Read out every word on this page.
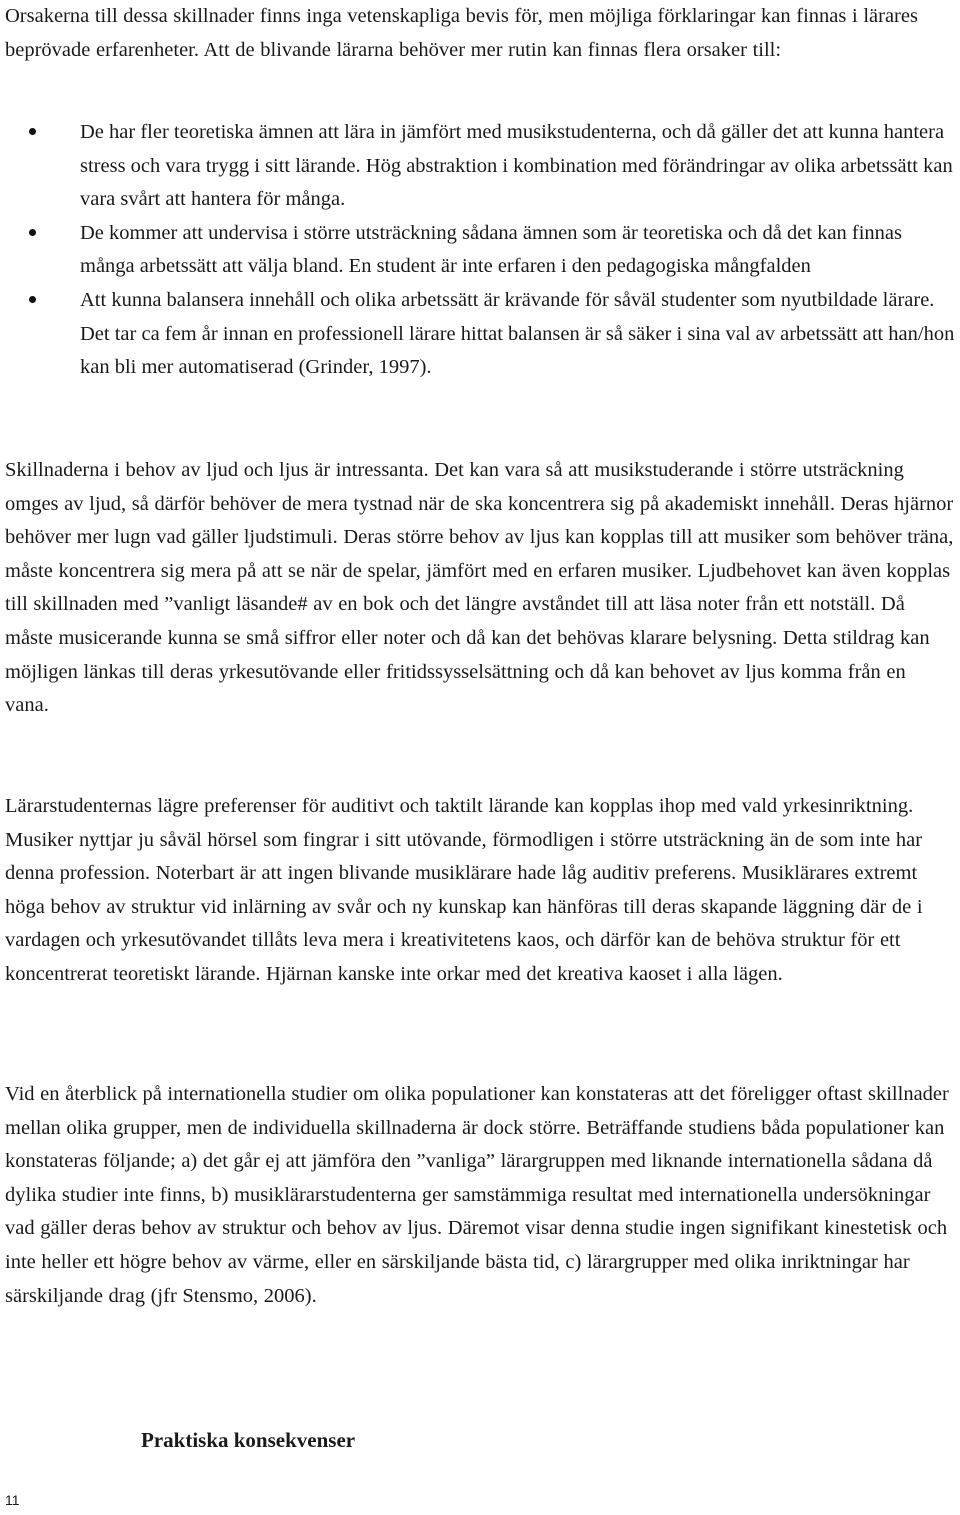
Orsakerna till dessa skillnader finns inga vetenskapliga bevis för, men möjliga förklaringar kan finnas i lärares beprövade erfarenheter. Att de blivande lärarna behöver mer rutin kan finnas flera orsaker till:

De har fler teoretiska ämnen att lära in jämfört med musikstudenterna, och då gäller det att kunna hantera stress och vara trygg i sitt lärande. Hög abstraktion i kombination med förändringar av olika arbetssätt kan vara svårt att hantera för många.
De kommer att undervisa i större utsträckning sådana ämnen som är teoretiska och då det kan finnas många arbetssätt att välja bland. En student är inte erfaren i den pedagogiska mångfalden
Att kunna balansera innehåll och olika arbetssätt är krävande för såväl studenter som nyutbildade lärare. Det tar ca fem år innan en professionell lärare hittat balansen är så säker i sina val av arbetssätt att han/hon kan bli mer automatiserad (Grinder, 1997).

Skillnaderna i behov av ljud och ljus är intressanta. Det kan vara så att musikstuderande i större utsträckning omges av ljud, så därför behöver de mera tystnad när de ska koncentrera sig på akademiskt innehåll. Deras hjärnor behöver mer lugn vad gäller ljudstimuli. Deras större behov av ljus kan kopplas till att musiker som behöver träna, måste koncentrera sig mera på att se när de spelar, jämfört med en erfaren musiker. Ljudbehovet kan även kopplas till skillnaden med ”vanligt läsande# av en bok och det längre avståndet till att läsa noter från ett notställ. Då måste musicerande kunna se små siffror eller noter och då kan det behövas klarare belysning. Detta stildrag kan möjligen länkas till deras yrkesutövande eller fritidssysselsättning och då kan behovet av ljus komma från en vana.

Lärarstudenternas lägre preferenser för auditivt och taktilt lärande kan kopplas ihop med vald yrkesinriktning. Musiker nyttjar ju såväl hörsel som fingrar i sitt utövande, förmodligen i större utsträckning än de som inte har denna profession. Noterbart är att ingen blivande musiklärare hade låg auditiv preferens. Musiklärares extremt höga behov av struktur vid inlärning av svår och ny kunskap kan hänföras till deras skapande läggning där de i vardagen och yrkesutövandet tillåts leva mera i kreativitetens kaos, och därför kan de behöva struktur för ett koncentrerat teoretiskt lärande. Hjärnan kanske inte orkar med det kreativa kaoset i alla lägen.

Vid en återblick på internationella studier om olika populationer kan konstateras att det föreligger oftast skillnader mellan olika grupper, men de individuella skillnaderna är dock större. Beträffande studiens båda populationer kan konstateras följande; a) det går ej att jämföra den ”vanliga” lärargruppen med liknande internationella sådana då dylika studier inte finns, b) musiklärarstudenterna ger samstämmiga resultat med internationella undersökningar vad gäller deras behov av struktur och behov av ljus. Däremot visar denna studie ingen signifikant kinestetisk och inte heller ett högre behov av värme, eller en särskiljande bästa tid, c) lärargrupper med olika inriktningar har särskiljande drag (jfr Stensmo, 2006).

Praktiska konsekvenser
11
